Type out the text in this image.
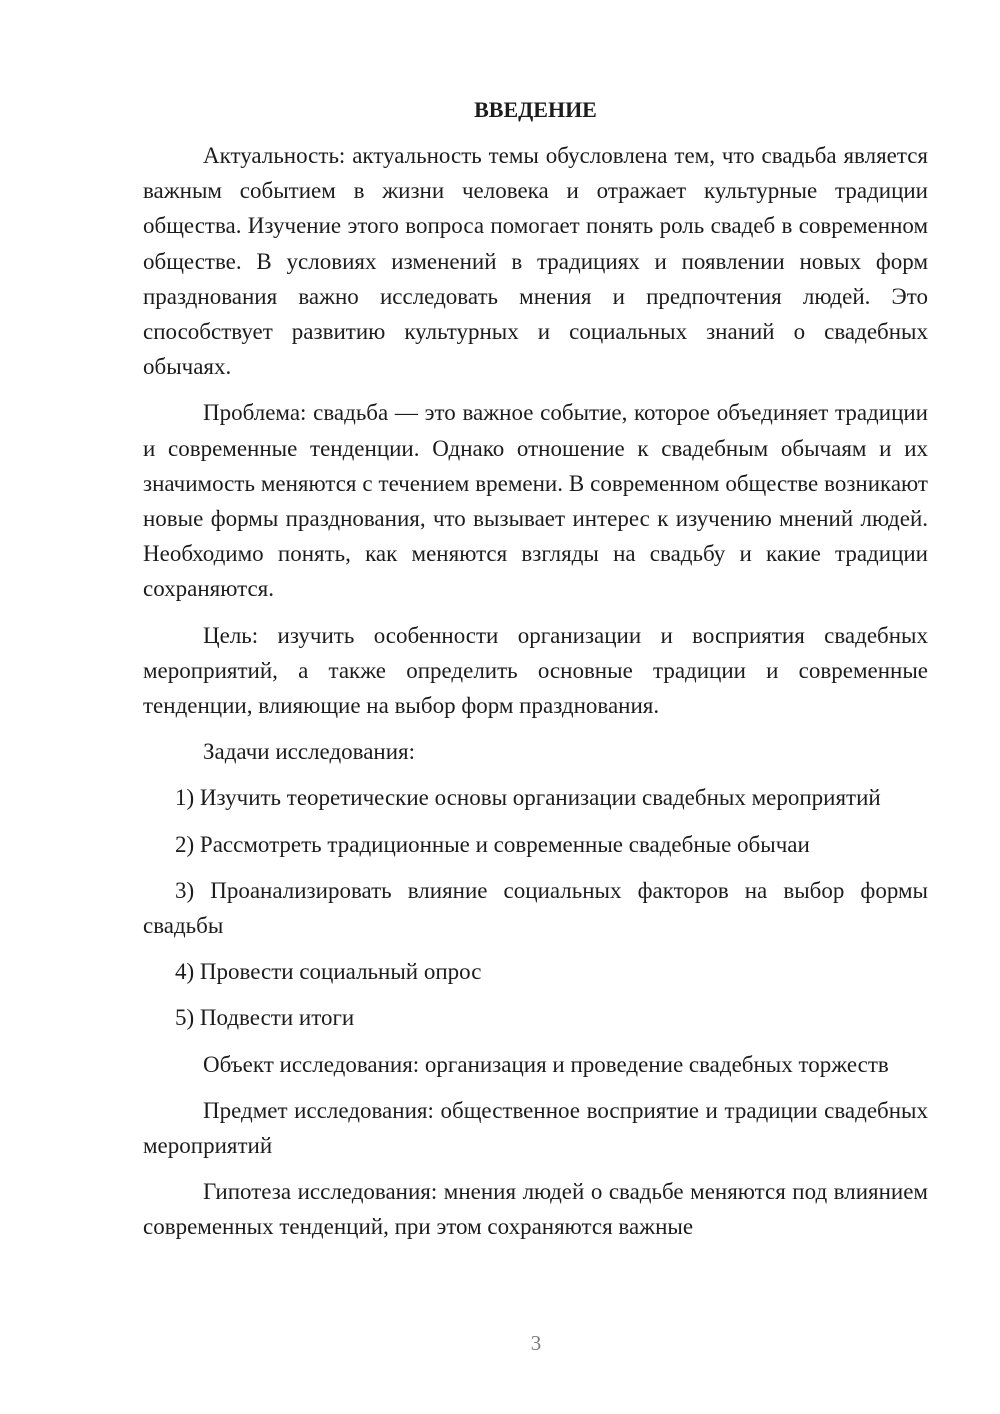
ВВЕДЕНИЕ

Актуальность: актуальность темы обусловлена тем, что свадьба является важным событием в жизни человека и отражает культурные традиции общества. Изучение этого вопроса помогает понять роль свадеб в современном обществе. В условиях изменений в традициях и появлении новых форм празднования важно исследовать мнения и предпочтения людей. Это способствует развитию культурных и социальных знаний о свадебных обычаях.

Проблема: свадьба — это важное событие, которое объединяет традиции и современные тенденции. Однако отношение к свадебным обычаям и их значимость меняются с течением времени. В современном обществе возникают новые формы празднования, что вызывает интерес к изучению мнений людей. Необходимо понять, как меняются взгляды на свадьбу и какие традиции сохраняются.

Цель: изучить особенности организации и восприятия свадебных мероприятий, а также определить основные традиции и современные тенденции, влияющие на выбор форм празднования.

Задачи исследования:

1) Изучить теоретические основы организации свадебных мероприятий

2) Рассмотреть традиционные и современные свадебные обычаи

3) Проанализировать влияние социальных факторов на выбор формы свадьбы

4) Провести социальный опрос

5) Подвести итоги

Объект исследования: организация и проведение свадебных торжеств

Предмет исследования: общественное восприятие и традиции свадебных мероприятий

Гипотеза исследования: мнения людей о свадьбе меняются под влиянием современных тенденций, при этом сохраняются важные

3
